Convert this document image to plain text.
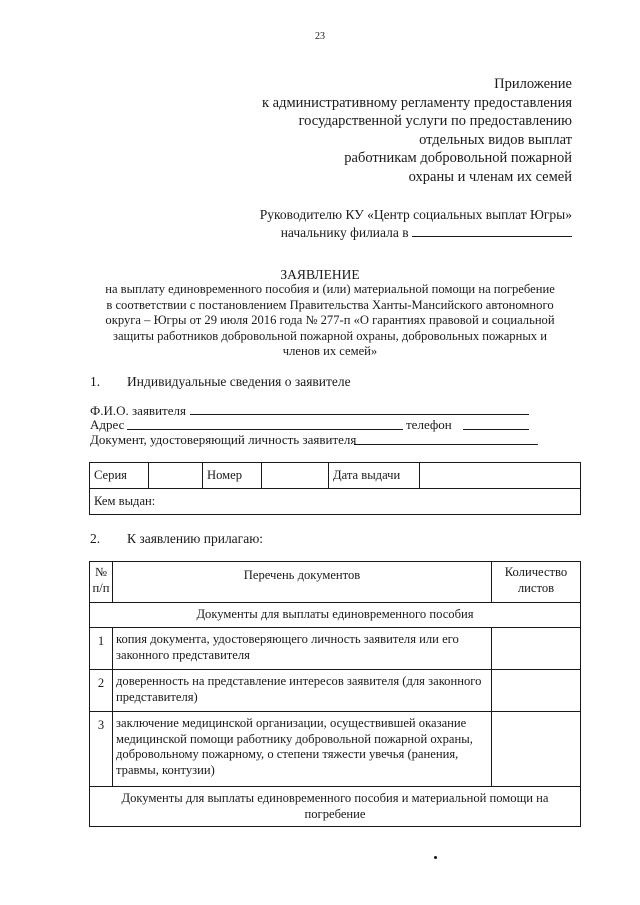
23
Приложение
к административному регламенту предоставления
государственной услуги по предоставлению
отдельных видов выплат
работникам добровольной пожарной
охраны и членам их семей
Руководителю КУ «Центр социальных выплат Югры»
начальнику филиала в
ЗАЯВЛЕНИЕ
на выплату единовременного пособия и (или) материальной помощи на погребение
в соответствии с постановлением Правительства Ханты-Мансийского автономного
округа – Югры от 29 июля 2016 года № 277-п «О гарантиях правовой и социальной
защиты работников добровольной пожарной охраны, добровольных пожарных и
членов их семей»
1. Индивидуальные сведения о заявителе
Ф.И.О. заявителя
Адрес	телефон
Документ, удостоверяющий личность заявителя
Серия		Номер		Дата выдачи	
Кем выдан:
2. К заявлению прилагаю:
№ п/п	Перечень документов	Количество листов
Документы для выплаты единовременного пособия		
1	копия документа, удостоверяющего личность заявителя или его законного представителя	
2	доверенность на представление интересов заявителя (для законного представителя)	
3	заключение медицинской организации, осуществившей оказание медицинской помощи работнику добровольной пожарной охраны, добровольному пожарному, о степени тяжести увечья (ранения, травмы, контузии)	

Документы для выплаты единовременного пособия и материальной помощи на погребение		
